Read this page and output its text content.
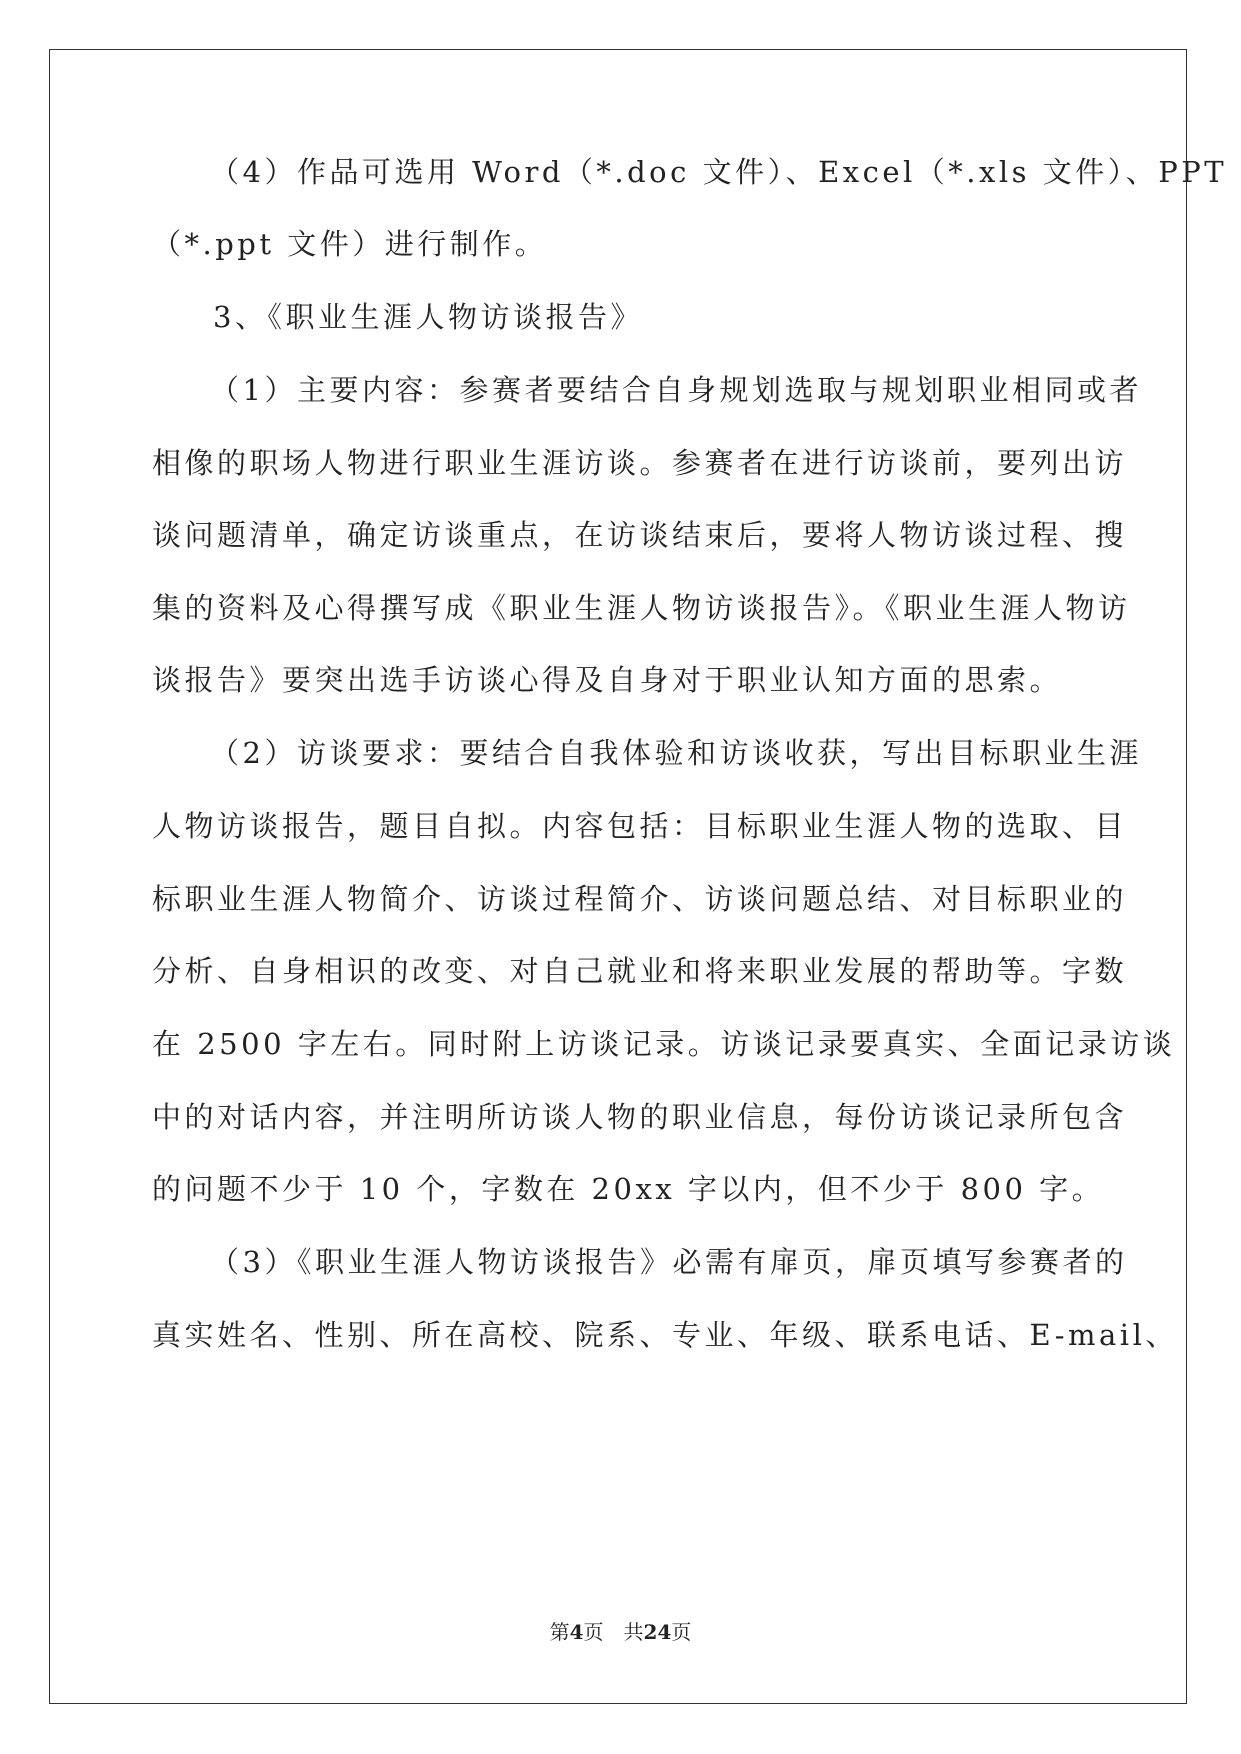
（4）作品可选用 Word（*.doc 文件）、Excel（*.xls 文件）、PPT
（*.ppt 文件）进行制作。
3、《职业生涯人物访谈报告》
（1）主要内容：参赛者要结合自身规划选取与规划职业相同或者
相像的职场人物进行职业生涯访谈。参赛者在进行访谈前，要列出访
谈问题清单，确定访谈重点，在访谈结束后，要将人物访谈过程、搜
集的资料及心得撰写成《职业生涯人物访谈报告》。《职业生涯人物访
谈报告》要突出选手访谈心得及自身对于职业认知方面的思索。
（2）访谈要求：要结合自我体验和访谈收获，写出目标职业生涯
人物访谈报告，题目自拟。内容包括：目标职业生涯人物的选取、目
标职业生涯人物简介、访谈过程简介、访谈问题总结、对目标职业的
分析、自身相识的改变、对自己就业和将来职业发展的帮助等。字数
在 2500 字左右。同时附上访谈记录。访谈记录要真实、全面记录访谈
中的对话内容，并注明所访谈人物的职业信息，每份访谈记录所包含
的问题不少于 10 个，字数在 20xx 字以内，但不少于 800 字。
（3）《职业生涯人物访谈报告》必需有扉页，扉页填写参赛者的
真实姓名、性别、所在高校、院系、专业、年级、联系电话、E-mail、
第4页　共24页
